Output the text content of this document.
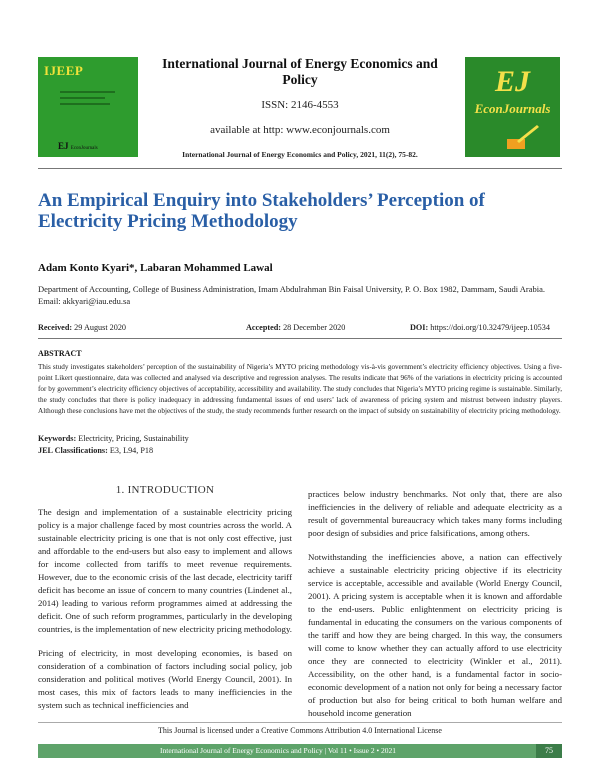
IJEEP
EJ EconJournals
International Journal of Energy Economics and Policy
ISSN: 2146-4553
available at http: www.econjournals.com
International Journal of Energy Economics and Policy, 2021, 11(2), 75-82.
EJ
EconJournals
An Empirical Enquiry into Stakeholders’ Perception of Electricity Pricing Methodology
Adam Konto Kyari*, Labaran Mohammed Lawal
Department of Accounting, College of Business Administration, Imam Abdulrahman Bin Faisal University, P. O. Box 1982, Dammam, Saudi Arabia. Email: akkyari@iau.edu.sa
Received: 29 August 2020	Accepted: 28 December 2020	DOI: https://doi.org/10.32479/ijeep.10534
ABSTRACT
This study investigates stakeholders’ perception of the sustainability of Nigeria’s MYTO pricing methodology vis-à-vis government’s electricity efficiency objectives. Using a five-point Likert questionnaire, data was collected and analysed via descriptive and regression analyses. The results indicate that 96% of the variations in electricity pricing is accounted for by government’s electricity efficiency objectives of acceptability, accessibility and availability. The study concludes that Nigeria’s MYTO pricing regime is sustainable. Similarly, the study concludes that there is policy inadequacy in addressing fundamental issues of end users’ lack of awareness of pricing system and mistrust between industry players. Although these conclusions have met the objectives of the study, the study recommends further research on the impact of subsidy on sustainability of electricity pricing methodology.
Keywords: Electricity, Pricing, Sustainability
JEL Classifications: E3, L94, P18
1. INTRODUCTION

The design and implementation of a sustainable electricity pricing policy is a major challenge faced by most countries across the world. A sustainable electricity pricing is one that is not only cost effective, just and affordable to the end-users but also easy to implement and allows for income collected from tariffs to meet revenue requirements. However, due to the economic crisis of the last decade, electricity tariff deficit has become an issue of concern to many countries (Lindenet al., 2014) leading to various reform programmes aimed at addressing the deficit. One of such reform programmes, particularly in the developing countries, is the implementation of new electricity pricing methodology.

Pricing of electricity, in most developing economies, is based on consideration of a combination of factors including social policy, job consideration and political motives (World Energy Council, 2001). In most cases, this mix of factors leads to many inefficiencies in the system such as technical inefficiencies and

practices below industry benchmarks. Not only that, there are also inefficiencies in the delivery of reliable and adequate electricity as a result of governmental bureaucracy which takes many forms including poor design of subsidies and price falsifications, among others.

Notwithstanding the inefficiencies above, a nation can effectively achieve a sustainable electricity pricing objective if its electricity service is acceptable, accessible and available (World Energy Council, 2001). A pricing system is acceptable when it is known and affordable to the end-users. Public enlightenment on electricity pricing is fundamental in educating the consumers on the various components of the tariff and how they are being charged. In this way, the consumers will come to know whether they can actually afford to use electricity once they are connected to electricity (Winkler et al., 2011). Accessibility, on the other hand, is a fundamental factor in socio-economic development of a nation not only for being a necessary factor of production but also for being critical to both human welfare and household income generation

This Journal is licensed under a Creative Commons Attribution 4.0 International License
International Journal of Energy Economics and Policy | Vol 11 • Issue 2 • 2021	75
